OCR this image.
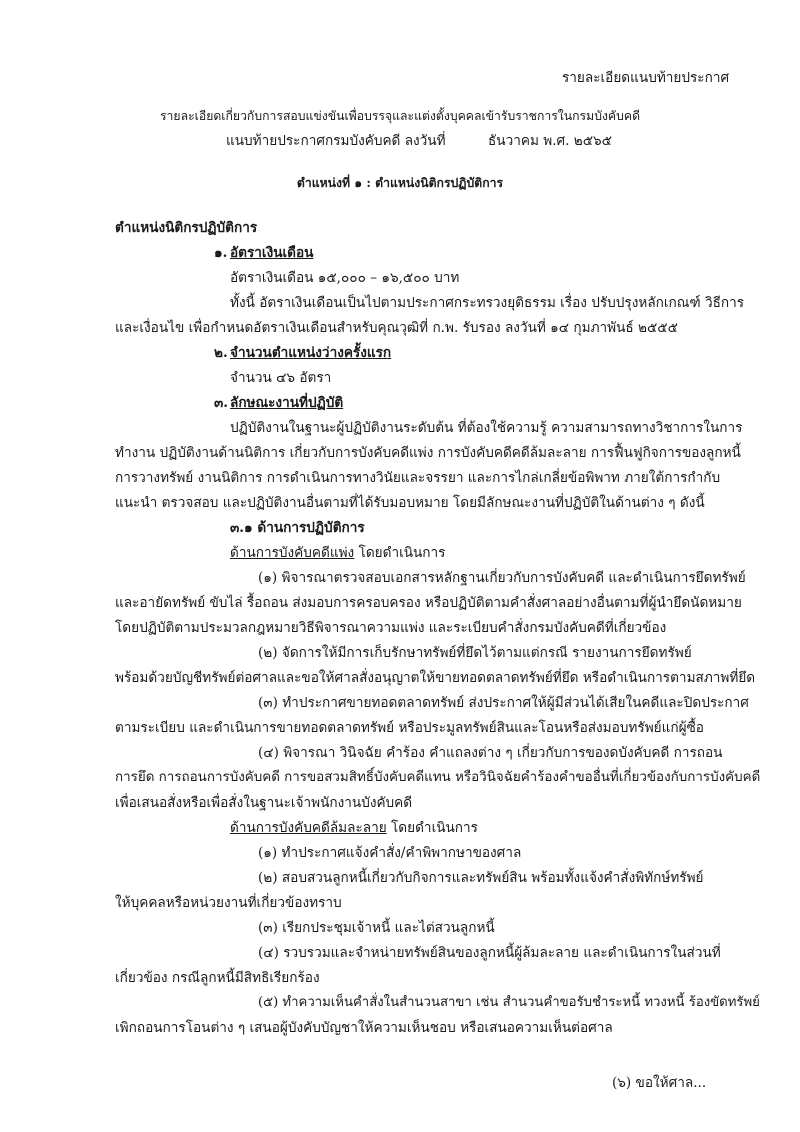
รายละเอียดแนบท้ายประกาศ
รายละเอียดเกี่ยวกับการสอบแข่งขันเพื่อบรรจุและแต่งตั้งบุคคลเข้ารับราชการในกรมบังคับคดี
แนบท้ายประกาศกรมบังคับคดี ลงวันที่	ธันวาคม พ.ศ. ๒๕๖๕
ตำแหน่งที่ ๑ : ตำแหน่งนิติกรปฏิบัติการ
ตำแหน่งนิติกรปฏิบัติการ
๑. อัตราเงินเดือน
อัตราเงินเดือน ๑๕,๐๐๐ – ๑๖,๕๐๐ บาท
ทั้งนี้ อัตราเงินเดือนเป็นไปตามประกาศกระทรวงยุติธรรม เรื่อง ปรับปรุงหลักเกณฑ์ วิธีการ
และเงื่อนไข เพื่อกำหนดอัตราเงินเดือนสำหรับคุณวุฒิที่ ก.พ. รับรอง ลงวันที่ ๑๔ กุมภาพันธ์ ๒๕๕๕
๒. จำนวนตำแหน่งว่างครั้งแรก
จำนวน ๔๖ อัตรา
๓. ลักษณะงานที่ปฏิบัติ
ปฏิบัติงานในฐานะผู้ปฏิบัติงานระดับต้น ที่ต้องใช้ความรู้ ความสามารถทางวิชาการในการ
ทำงาน ปฏิบัติงานด้านนิติการ เกี่ยวกับการบังคับคดีแพ่ง การบังคับคดีคดีล้มละลาย การฟื้นฟูกิจการของลูกหนี้
การวางทรัพย์ งานนิติการ การดำเนินการทางวินัยและจรรยา และการไกล่เกลี่ยข้อพิพาท ภายใต้การกำกับ
แนะนำ ตรวจสอบ และปฏิบัติงานอื่นตามที่ได้รับมอบหมาย โดยมีลักษณะงานที่ปฏิบัติในด้านต่าง ๆ ดังนี้
๓.๑ ด้านการปฏิบัติการ
ด้านการบังคับคดีแพ่ง โดยดำเนินการ
(๑) พิจารณาตรวจสอบเอกสารหลักฐานเกี่ยวกับการบังคับคดี และดำเนินการยึดทรัพย์
และอายัดทรัพย์ ขับไล่ รื้อถอน ส่งมอบการครอบครอง หรือปฏิบัติตามคำสั่งศาลอย่างอื่นตามที่ผู้นำยึดนัดหมาย
โดยปฏิบัติตามประมวลกฎหมายวิธีพิจารณาความแพ่ง และระเบียบคำสั่งกรมบังคับคดีที่เกี่ยวข้อง
(๒) จัดการให้มีการเก็บรักษาทรัพย์ที่ยึดไว้ตามแต่กรณี รายงานการยึดทรัพย์
พร้อมด้วยบัญชีทรัพย์ต่อศาลและขอให้ศาลสั่งอนุญาตให้ขายทอดตลาดทรัพย์ที่ยึด หรือดำเนินการตามสภาพที่ยึด
(๓) ทำประกาศขายทอดตลาดทรัพย์ ส่งประกาศให้ผู้มีส่วนได้เสียในคดีและปิดประกาศ
ตามระเบียบ และดำเนินการขายทอดตลาดทรัพย์ หรือประมูลทรัพย์สินและโอนหรือส่งมอบทรัพย์แก่ผู้ซื้อ
(๔) พิจารณา วินิจฉัย คำร้อง คำแถลงต่าง ๆ เกี่ยวกับการของดบังคับคดี การถอน
การยึด การถอนการบังคับคดี การขอสวมสิทธิ์บังคับคดีแทน หรือวินิจฉัยคำร้องคำขออื่นที่เกี่ยวข้องกับการบังคับคดี
เพื่อเสนอสั่งหรือเพื่อสั่งในฐานะเจ้าพนักงานบังคับคดี
ด้านการบังคับคดีล้มละลาย โดยดำเนินการ
(๑) ทำประกาศแจ้งคำสั่ง/คำพิพากษาของศาล
(๒) สอบสวนลูกหนี้เกี่ยวกับกิจการและทรัพย์สิน พร้อมทั้งแจ้งคำสั่งพิทักษ์ทรัพย์
ให้บุคคลหรือหน่วยงานที่เกี่ยวข้องทราบ
(๓) เรียกประชุมเจ้าหนี้ และไต่สวนลูกหนี้
(๔) รวบรวมและจำหน่ายทรัพย์สินของลูกหนี้ผู้ล้มละลาย และดำเนินการในส่วนที่
เกี่ยวข้อง กรณีลูกหนี้มีสิทธิเรียกร้อง
(๕) ทำความเห็นคำสั่งในสำนวนสาขา เช่น สำนวนคำขอรับชำระหนี้ ทวงหนี้ ร้องขัดทรัพย์
เพิกถอนการโอนต่าง ๆ เสนอผู้บังคับบัญชาให้ความเห็นชอบ หรือเสนอความเห็นต่อศาล
(๖) ขอให้ศาล...
